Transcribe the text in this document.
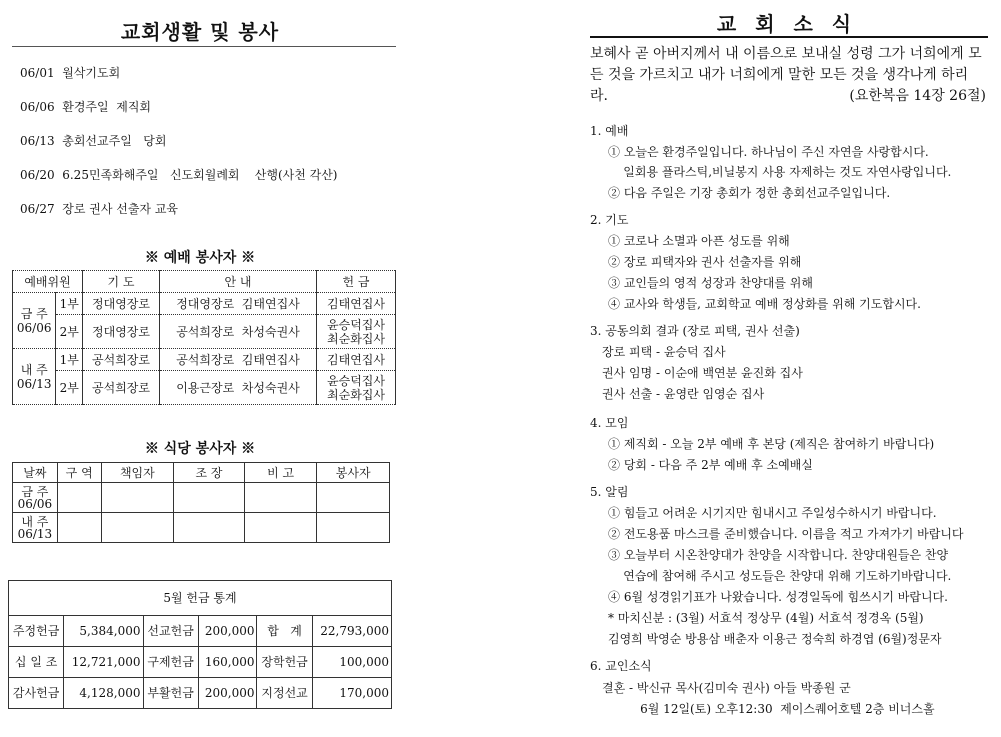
교회생활 및 봉사
06/01 월삭기도회
06/06 환경주일  제직회
06/13 총회선교주일   당회
06/20 6.25민족화해주일   신도회월례회    산행(사천 각산)
06/27 장로 권사 선출자 교육
※ 예배 봉사자 ※
예배위원		기 도	안 내	헌 금
금 주
06/06	1부	정대영장로	정대영장로  김태연집사	김태연집사
	2부	정대영장로	공석희장로  차성숙권사	윤승덕집사
최순화집사
내 주
06/13	1부	공석희장로	공석희장로  김태연집사	김태연집사
	2부	공석희장로	이용근장로  차성숙권사	윤승덕집사
최순화집사
※ 식당 봉사자 ※
날짜	구 역	책임자	조 장	비 고	봉사자
금 주
06/06					
내 주
06/13					
5월 헌금 통계					
주정헌금	5,384,000	선교헌금	200,000	합   계	22,793,000
십 일 조	12,721,000	구제헌금	160,000	장학헌금	100,000
감사헌금	4,128,000	부활헌금	200,000	지정선교	170,000
교 회 소 식
보혜사 곧 아버지께서 내 이름으로 보내실 성령 그가 너희에게 모든 것을 가르치고 내가 너희에게 말한 모든 것을 생각나게 하리라.	(요한복음 14장 26절)
1. 예배
① 오늘은 환경주일입니다. 하나님이 주신 자연을 사랑합시다.
일회용 플라스틱,비닐봉지 사용 자제하는 것도 자연사랑입니다.
② 다음 주일은 기장 총회가 정한 총회선교주일입니다.
2. 기도
① 코로나 소멸과 아픈 성도를 위해
② 장로 피택자와 권사 선출자를 위해
③ 교인들의 영적 성장과 찬양대를 위해
④ 교사와 학생들, 교회학교 예배 정상화를 위해 기도합시다.
3. 공동의회 결과 (장로 피택, 권사 선출)
장로 피택 - 윤승덕 집사
권사 임명 - 이순애 백연분 윤진화 집사
권사 선출 - 윤영란 임영순 집사
4. 모임
① 제직회 - 오늘 2부 예배 후 본당 (제직은 참여하기 바랍니다)
② 당회 - 다음 주 2부 예배 후 소예배실
5. 알림
① 힘들고 어려운 시기지만 힘내시고 주일성수하시기 바랍니다.
② 전도용품 마스크를 준비했습니다. 이름을 적고 가져가기 바랍니다
③ 오늘부터 시온찬양대가 찬양을 시작합니다. 찬양대원들은 찬양
연습에 참여해 주시고 성도들은 찬양대 위해 기도하기바랍니다.
④ 6월 성경읽기표가 나왔습니다. 성경일독에 힘쓰시기 바랍니다.
* 마치신분 : (3월) 서효석 정상무 (4월) 서효석 정경옥 (5월)
김영희 박영순 방용삼 배춘자 이용근 정숙희 하경엽 (6월)정문자
6. 교인소식
결혼 - 박신규 목사(김미숙 권사) 아들 박종원 군
6월 12일(토) 오후12:30  제이스퀘어호텔 2층 비너스홀
